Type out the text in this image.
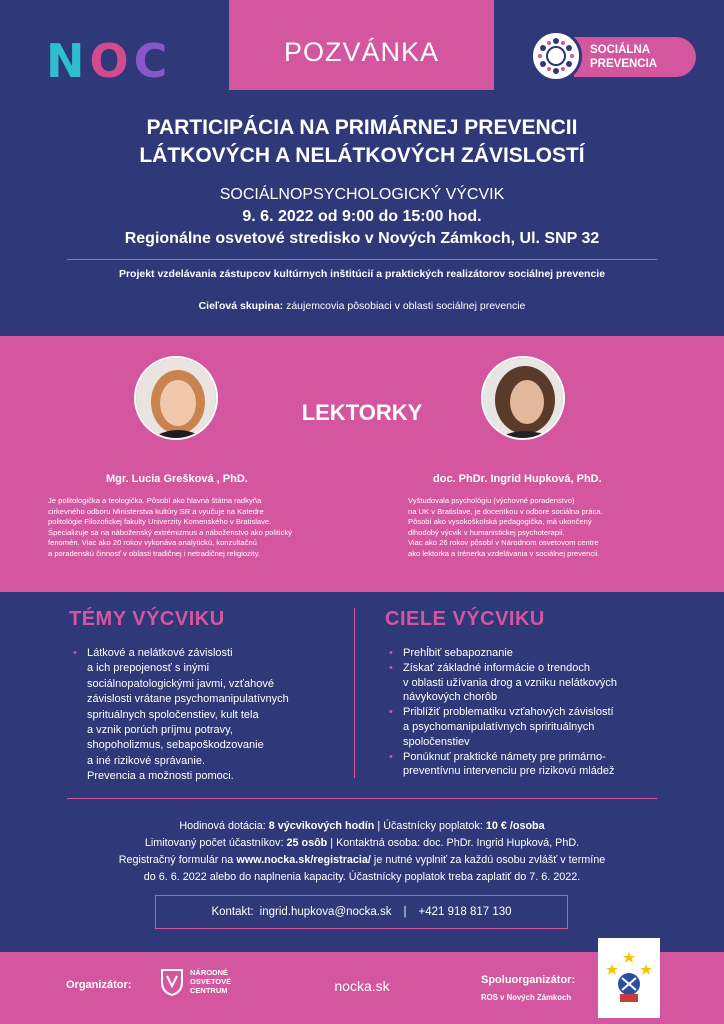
N O C	POZVÁNKA	SOCIÁLNA
PREVENCIA
PARTICIPÁCIA NA PRIMÁRNEJ PREVENCII
LÁTKOVÝCH A NELÁTKOVÝCH ZÁVISLOSTÍ
SOCIÁLNOPSYCHOLOGICKÝ VÝCVIK
9. 6. 2022 od 9:00 do 15:00 hod.
Regionálne osvetové stredisko v Nových Zámkoch, Ul. SNP 32
Projekt vzdelávania zástupcov kultúrnych inštitúcií a praktických realizátorov sociálnej prevencie
Cieľová skupina: záujemcovia pôsobiaci v oblasti sociálnej prevencie
LEKTORKY
Mgr. Lucia Grešková , PhD.	doc. PhDr. Ingrid Hupková, PhD.
Je politologička a teologička. Pôsobí ako hlavná štátna radkyňa
cirkevného odboru Ministerstva kultúry SR a vyučuje na Katedre
politológie Filozofickej fakulty Univerzity Komenského v Bratislave.
Špecializuje sa na náboženský extrémizmus a náboženstvo ako politický
fenomén. Viac ako 20 rokov vykonáva analytickú, konzultačnú
a poradenskú činnosť v oblasti tradičnej i netradičnej religiozity.
Vyštudovala psychológiu (výchovné poradenstvo)
na UK v Bratislave, je docentkou v odbore sociálna práca.
Pôsobí ako vysokoškolská pedagogička, má ukončený
dlhodobý výcvik v humanistickej psychoterapii.
Viac ako 26 rokov pôsobí v Národnom osvetovom centre
ako lektorka a trénerka vzdelávania v sociálnej prevencii.
TÉMY VÝCVIKU	CIELE VÝCVIKU
• Látkové a nelátkové závislosti
a ich prepojenosť s inými
sociálnopatologickými javmi, vzťahové
závislosti vrátane psychomanipulatívnych
sprituálnych spoločenstiev, kult tela
a vznik porúch príjmu potravy,
shopoholizmus, sebapoškodzovanie
a iné rizikové správanie.
Prevencia a možnosti pomoci.
• Prehĺbiť sebapoznanie
• Získať základné informácie o trendoch
v oblasti užívania drog a vzniku nelátkových
návykových chorôb
• Priblížiť problematiku vzťahových závislostí
a psychomanipulatívnych sprirituálnych
spoločenstiev
• Ponúknuť praktické námety pre primárno-
preventívnu intervenciu pre rizikovú mládež
Hodinová dotácia: 8 výcvikových hodín | Účastnícky poplatok: 10 € /osoba
Limitovaný počet účastníkov: 25 osôb | Kontaktná osoba: doc. PhDr. Ingrid Hupková, PhD.
Registračný formulár na www.nocka.sk/registracia/ je nutné vyplniť za každú osobu zvlášť v termíne
do 6. 6. 2022 alebo do naplnenia kapacity. Účastnícky poplatok treba zaplatiť do 7. 6. 2022.
Kontakt: ingrid.hupkova@nocka.sk | +421 918 817 130
Organizátor:
NÁRODNÉ
OSVETOVÉ
CENTRUM	nocka.sk	Spoluorganizátor:
ROS v Nových Zámkoch
